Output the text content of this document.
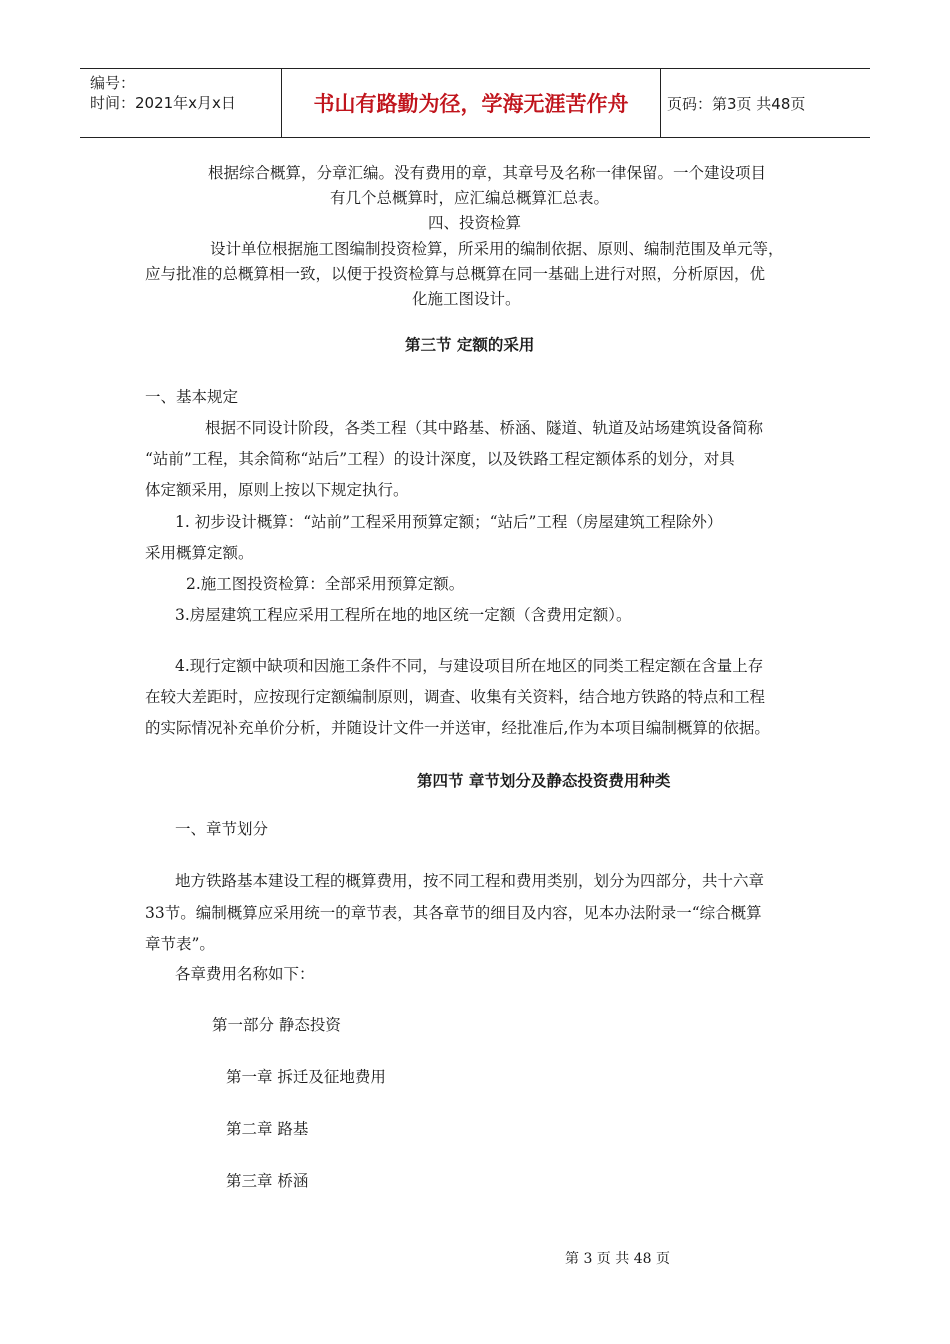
编号：
时间：2021年x月x日	书山有路勤为径，学海无涯苦作舟	页码：第3页 共48页
根据综合概算，分章汇编。没有费用的章，其章号及名称一律保留。一个建设项目
有几个总概算时，应汇编总概算汇总表。
四、投资检算
设计单位根据施工图编制投资检算，所采用的编制依据、原则、编制范围及单元等，
应与批准的总概算相一致，以便于投资检算与总概算在同一基础上进行对照，分析原因，优
化施工图设计。
第三节 定额的采用
一、基本规定
根据不同设计阶段，各类工程（其中路基、桥涵、隧道、轨道及站场建筑设备简称
“站前”工程，其余简称“站后”工程）的设计深度，以及铁路工程定额体系的划分，对具
体定额采用，原则上按以下规定执行。
1. 初步设计概算：“站前”工程采用预算定额；“站后”工程（房屋建筑工程除外）
采用概算定额。
2.施工图投资检算：全部采用预算定额。
3.房屋建筑工程应采用工程所在地的地区统一定额（含费用定额）。
4.现行定额中缺项和因施工条件不同，与建设项目所在地区的同类工程定额在含量上存
在较大差距时，应按现行定额编制原则，调查、收集有关资料，结合地方铁路的特点和工程
的实际情况补充单价分析，并随设计文件一并送审，经批准后,作为本项目编制概算的依据。
第四节 章节划分及静态投资费用种类
一、章节划分
地方铁路基本建设工程的概算费用，按不同工程和费用类别，划分为四部分，共十六章
33节。编制概算应采用统一的章节表，其各章节的细目及内容，见本办法附录一“综合概算
章节表”。
各章费用名称如下：
第一部分 静态投资
第一章 拆迁及征地费用
第二章 路基
第三章 桥涵
第 3 页 共 48 页
